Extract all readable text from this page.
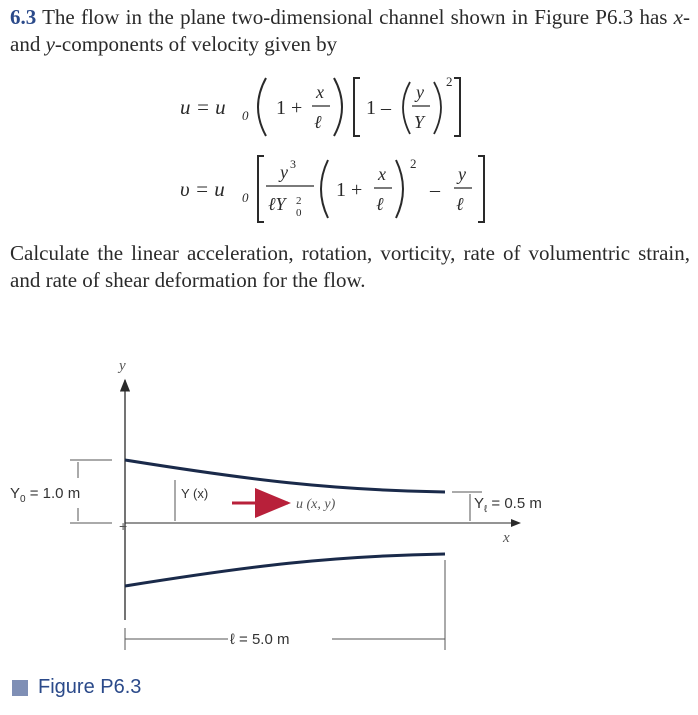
6.3 The flow in the plane two-dimensional channel shown in Figure P6.3 has x- and y-components of velocity given by
u = u 0 1 +
x
ℓ
1 –
y
Y
2
υ = u 0
y 3
ℓY 2
0
1 +
x
ℓ
2
–
y
ℓ
Calculate the linear acceleration, rotation, vorticity, rate of volumentric strain, and rate of shear deformation for the flow.
y
x
+
$Y_0 = 1.0$ m	Y (x)
u (x, y)	$Y_\ell = 0.5$ m
ℓ = 5.0 m
Figure P6.3
